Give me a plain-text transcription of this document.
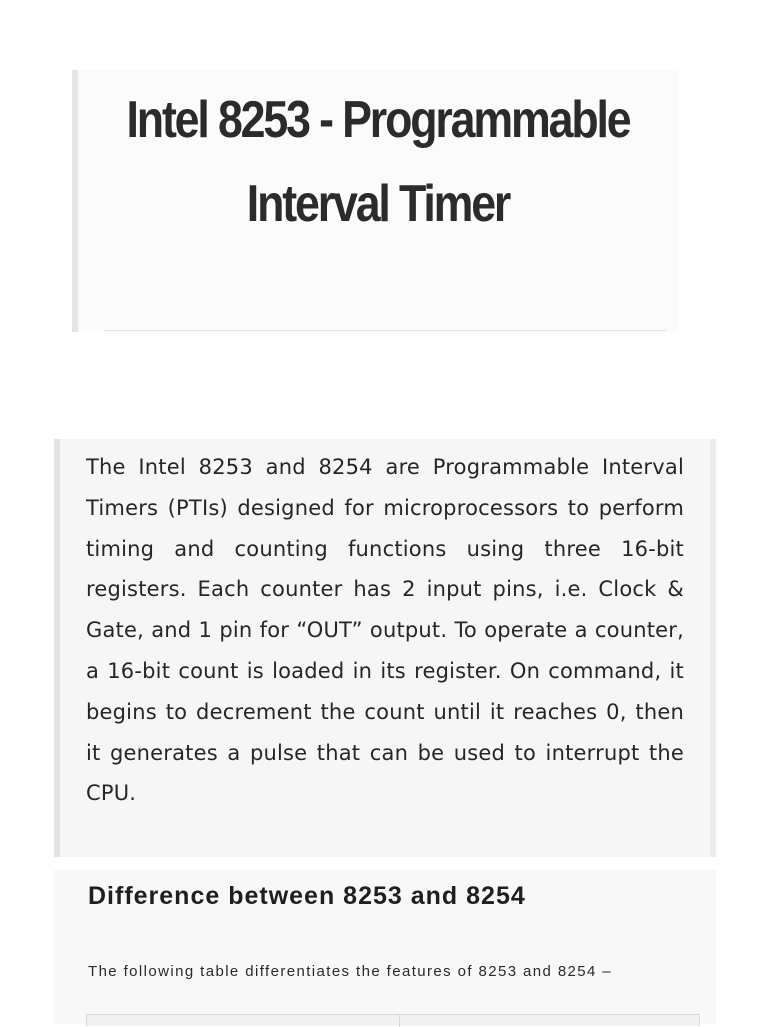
Intel 8253 - Programmable
Interval Timer

The Intel 8253 and 8254 are Programmable Interval Timers (PTIs) designed for microprocessors to perform timing and counting functions using three 16-bit registers. Each counter has 2 input pins, i.e. Clock & Gate, and 1 pin for “OUT” output. To operate a counter, a 16-bit count is loaded in its register. On command, it begins to decrement the count until it reaches 0, then it generates a pulse that can be used to interrupt the CPU.

Difference between 8253 and 8254

The following table differentiates the features of 8253 and 8254 –
